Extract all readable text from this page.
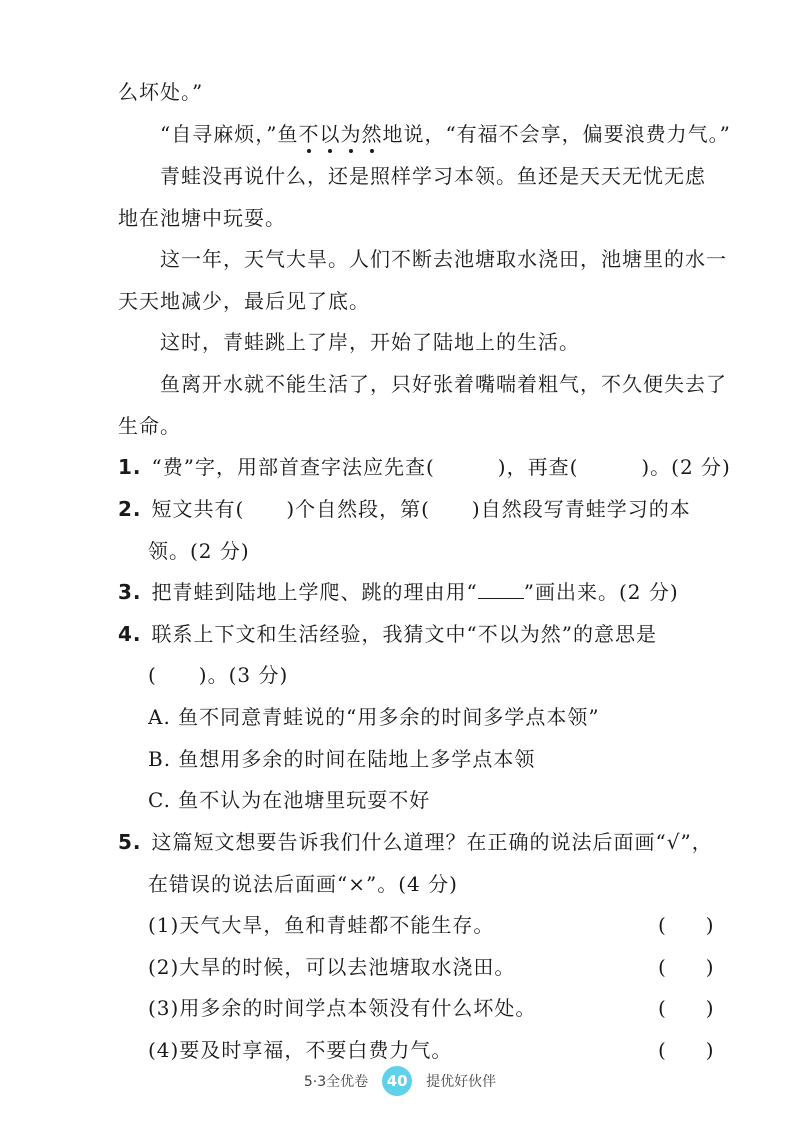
么坏处。”
“自寻麻烦，”鱼不以为然地说，“有福不会享，偏要浪费力气。”
青蛙没再说什么，还是照样学习本领。鱼还是天天无忧无虑
地在池塘中玩耍。
这一年，天气大旱。人们不断去池塘取水浇田，池塘里的水一
天天地减少，最后见了底。
这时，青蛙跳上了岸，开始了陆地上的生活。
鱼离开水就不能生活了，只好张着嘴喘着粗气，不久便失去了
生命。
1. “费”字，用部首查字法应先查(　　　)，再查(　　　)。(2 分)
2. 短文共有(　　)个自然段，第(　　)自然段写青蛙学习的本
领。(2 分)
3. 把青蛙到陆地上学爬、跳的理由用“ ”画出来。(2 分)
4. 联系上下文和生活经验，我猜文中“不以为然”的意思是
(　　)。(3 分)
A. 鱼不同意青蛙说的“用多余的时间多学点本领”
B. 鱼想用多余的时间在陆地上多学点本领
C. 鱼不认为在池塘里玩耍不好
5. 这篇短文想要告诉我们什么道理？在正确的说法后面画“√”，
在错误的说法后面画“×”。(4 分)
(1)天气大旱，鱼和青蛙都不能生存。	(　　)
(2)大旱的时候，可以去池塘取水浇田。	(　　)
(3)用多余的时间学点本领没有什么坏处。	(　　)
(4)要及时享福，不要白费力气。	(　　)
5·3全优卷	40	提优好伙伴
